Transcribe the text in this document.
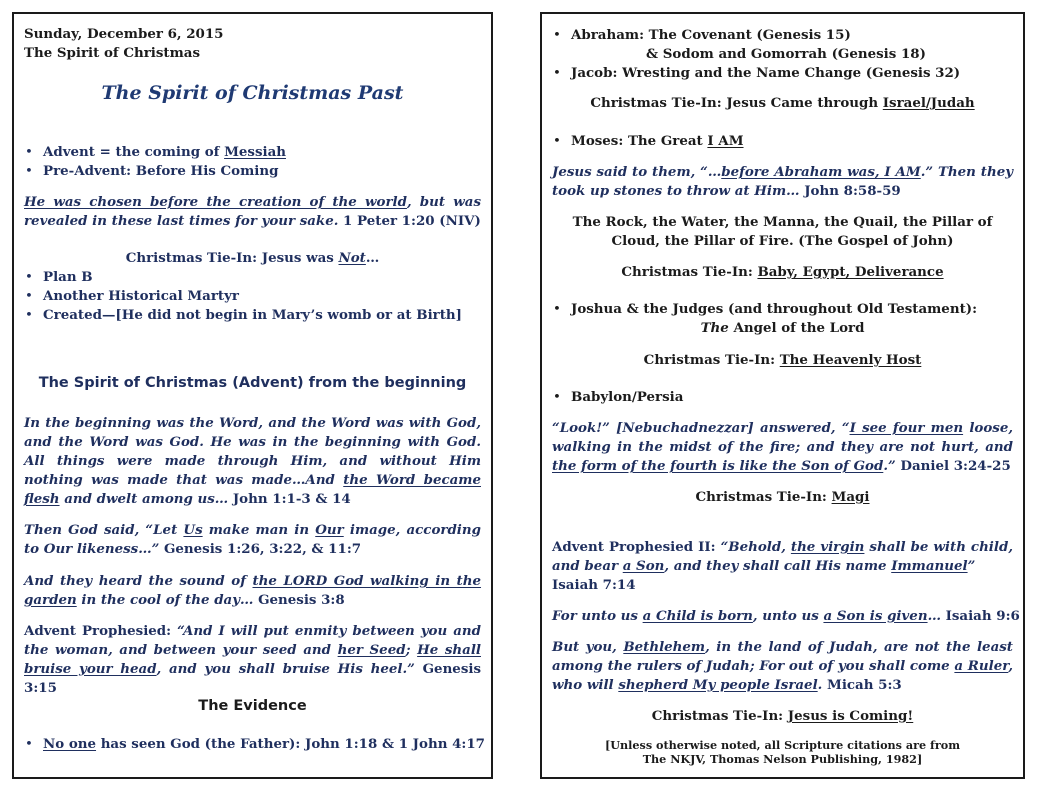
Sunday, December 6, 2015

The Spirit of Christmas

The Spirit of Christmas Past

• Advent = the coming of Messiah

• Pre-Advent: Before His Coming

He was chosen before the creation of the world, but was revealed in these last times for your sake. 1 Peter 1:20 (NIV)

Christmas Tie-In: Jesus was Not…

• Plan B

• Another Historical Martyr

• Created—[He did not begin in Mary’s womb or at Birth]

The Spirit of Christmas (Advent) from the beginning

In the beginning was the Word, and the Word was with God, and the Word was God. He was in the beginning with God. All things were made through Him, and without Him nothing was made that was made…And the Word became flesh and dwelt among us… John 1:1-3 & 14

Then God said, “Let Us make man in Our image, according to Our likeness…” Genesis 1:26, 3:22, & 11:7

And they heard the sound of the LORD God walking in the garden in the cool of the day… Genesis 3:8

Advent Prophesied: “And I will put enmity between you and the woman, and between your seed and her Seed; He shall bruise your head, and you shall bruise His heel.” Genesis 3:15

The Evidence

• No one has seen God (the Father): John 1:18 & 1 John 4:17

• Abraham: The Covenant (Genesis 15)

& Sodom and Gomorrah (Genesis 18)

• Jacob: Wresting and the Name Change (Genesis 32)

Christmas Tie-In: Jesus Came through Israel/Judah

• Moses: The Great I AM

Jesus said to them, “…before Abraham was, I AM.” Then they took up stones to throw at Him… John 8:58-59

The Rock, the Water, the Manna, the Quail, the Pillar of Cloud, the Pillar of Fire. (The Gospel of John)

Christmas Tie-In: Baby, Egypt, Deliverance

• Joshua & the Judges (and throughout Old Testament):

The Angel of the Lord

Christmas Tie-In: The Heavenly Host

• Babylon/Persia

“Look!” [Nebuchadnezzar] answered, “I see four men loose, walking in the midst of the fire; and they are not hurt, and the form of the fourth is like the Son of God.” Daniel 3:24-25

Christmas Tie-In: Magi

Advent Prophesied II: “Behold, the virgin shall be with child, and bear a Son, and they shall call His name Immanuel”

Isaiah 7:14

For unto us a Child is born, unto us a Son is given… Isaiah 9:6

But you, Bethlehem, in the land of Judah, are not the least among the rulers of Judah; For out of you shall come a Ruler, who will shepherd My people Israel. Micah 5:3

Christmas Tie-In: Jesus is Coming!

[Unless otherwise noted, all Scripture citations are from

The NKJV, Thomas Nelson Publishing, 1982]
